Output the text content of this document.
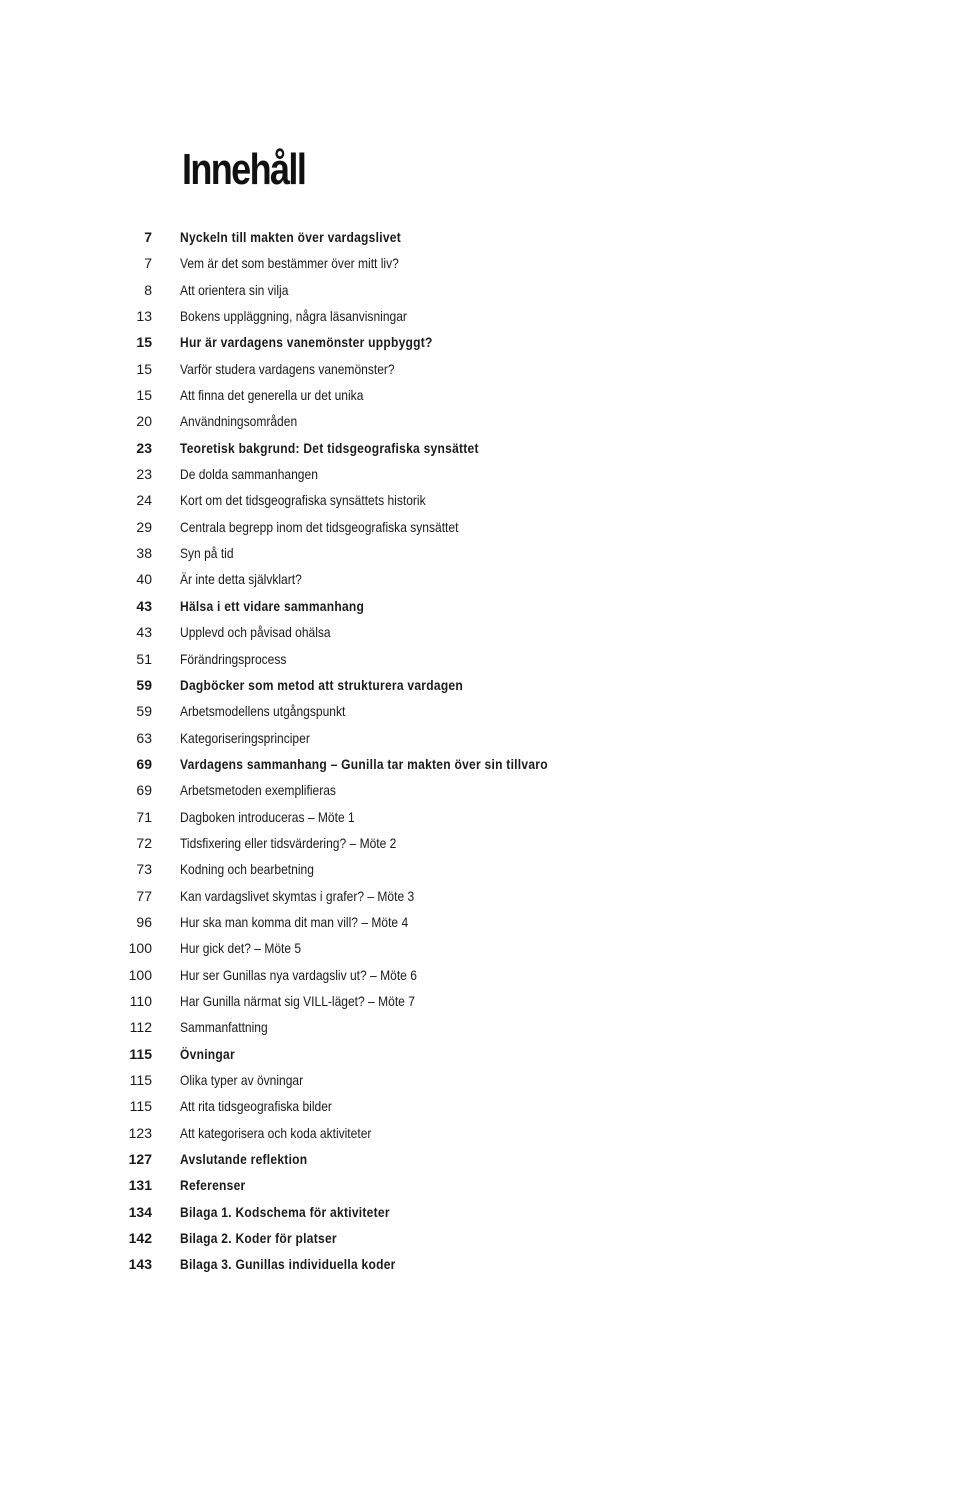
Innehåll
7 Nyckeln till makten över vardagslivet
7 Vem är det som bestämmer över mitt liv?
8 Att orientera sin vilja
13 Bokens uppläggning, några läsanvisningar
15 Hur är vardagens vanemönster uppbyggt?
15 Varför studera vardagens vanemönster?
15 Att finna det generella ur det unika
20 Användningsområden
23 Teoretisk bakgrund: Det tidsgeografiska synsättet
23 De dolda sammanhangen
24 Kort om det tidsgeografiska synsättets historik
29 Centrala begrepp inom det tidsgeografiska synsättet
38 Syn på tid
40 Är inte detta självklart?
43 Hälsa i ett vidare sammanhang
43 Upplevd och påvisad ohälsa
51 Förändringsprocess
59 Dagböcker som metod att strukturera vardagen
59 Arbetsmodellens utgångspunkt
63 Kategoriseringsprinciper
69 Vardagens sammanhang – Gunilla tar makten över sin tillvaro
69 Arbetsmetoden exemplifieras
71 Dagboken introduceras – Möte 1
72 Tidsfixering eller tidsvärdering? – Möte 2
73 Kodning och bearbetning
77 Kan vardagslivet skymtas i grafer? – Möte 3
96 Hur ska man komma dit man vill? – Möte 4
100 Hur gick det? – Möte 5
100 Hur ser Gunillas nya vardagsliv ut? – Möte 6
110 Har Gunilla närmat sig VILL-läget? – Möte 7
112 Sammanfattning
115 Övningar
115 Olika typer av övningar
115 Att rita tidsgeografiska bilder
123 Att kategorisera och koda aktiviteter
127 Avslutande reflektion
131 Referenser
134 Bilaga 1. Kodschema för aktiviteter
142 Bilaga 2. Koder för platser
143 Bilaga 3. Gunillas individuella koder
